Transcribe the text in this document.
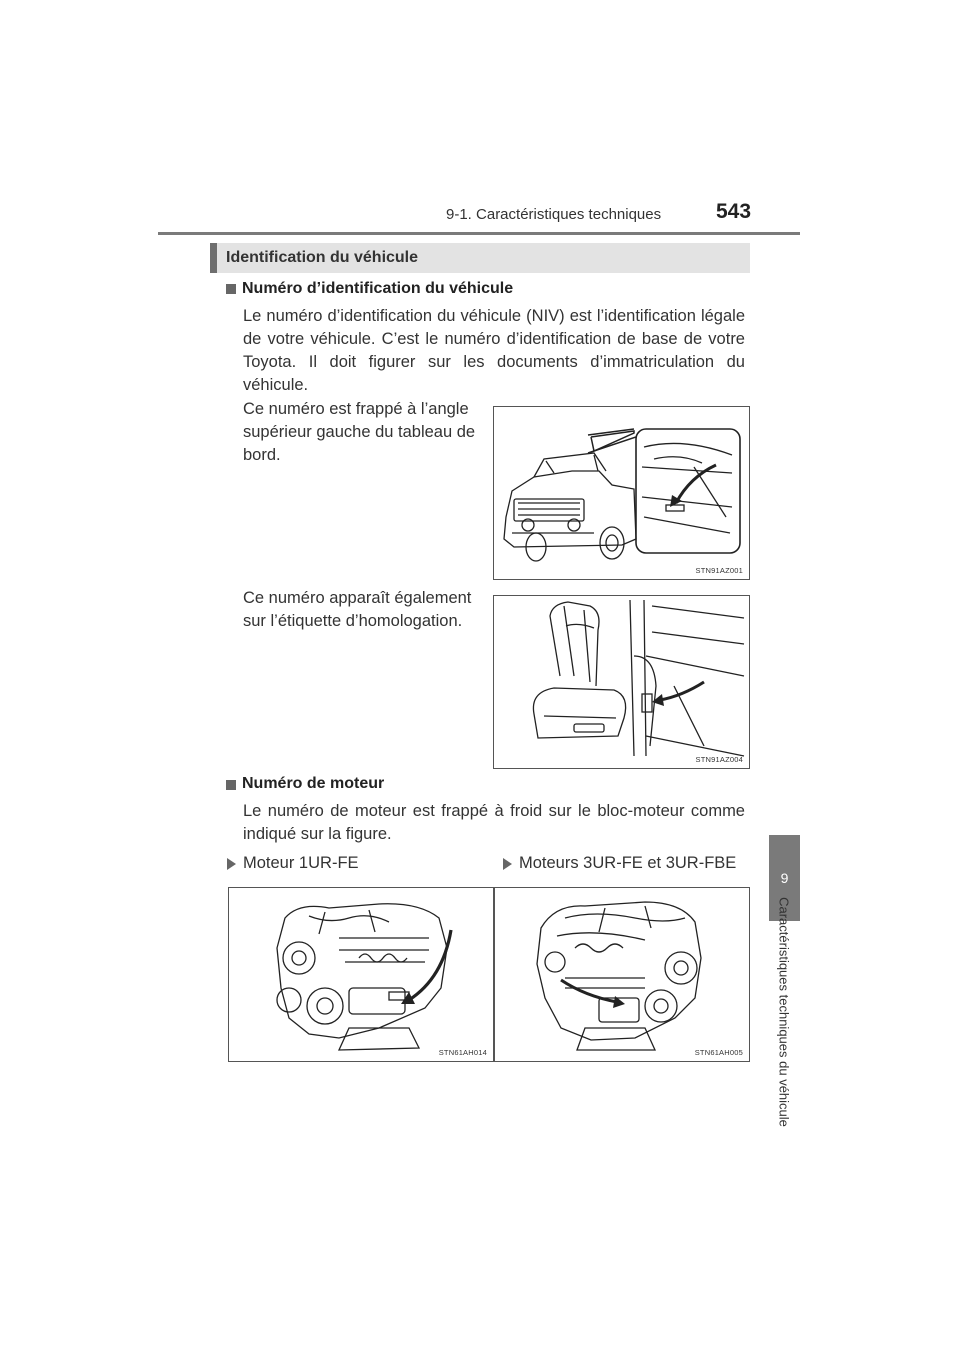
9-1. Caractéristiques techniques	543
9
Caractéristiques techniques du véhicule
Identification du véhicule
Numéro d’identification du véhicule
Le numéro d’identification du véhicule (NIV) est l’identification légale de votre véhicule. C’est le numéro d’identification de base de votre Toyota. Il doit figurer sur les documents d’immatriculation du véhicule.
Ce numéro est frappé à l’angle
supérieur gauche du tableau de
bord.
STN91AZ001
Ce numéro apparaît également
sur l’étiquette d’homologation.
STN91AZ004
Numéro de moteur
Le numéro de moteur est frappé à froid sur le bloc-moteur comme indiqué sur la figure.
Moteur 1UR-FE	Moteurs 3UR-FE et 3UR-FBE
STN61AH014	STN61AH005
